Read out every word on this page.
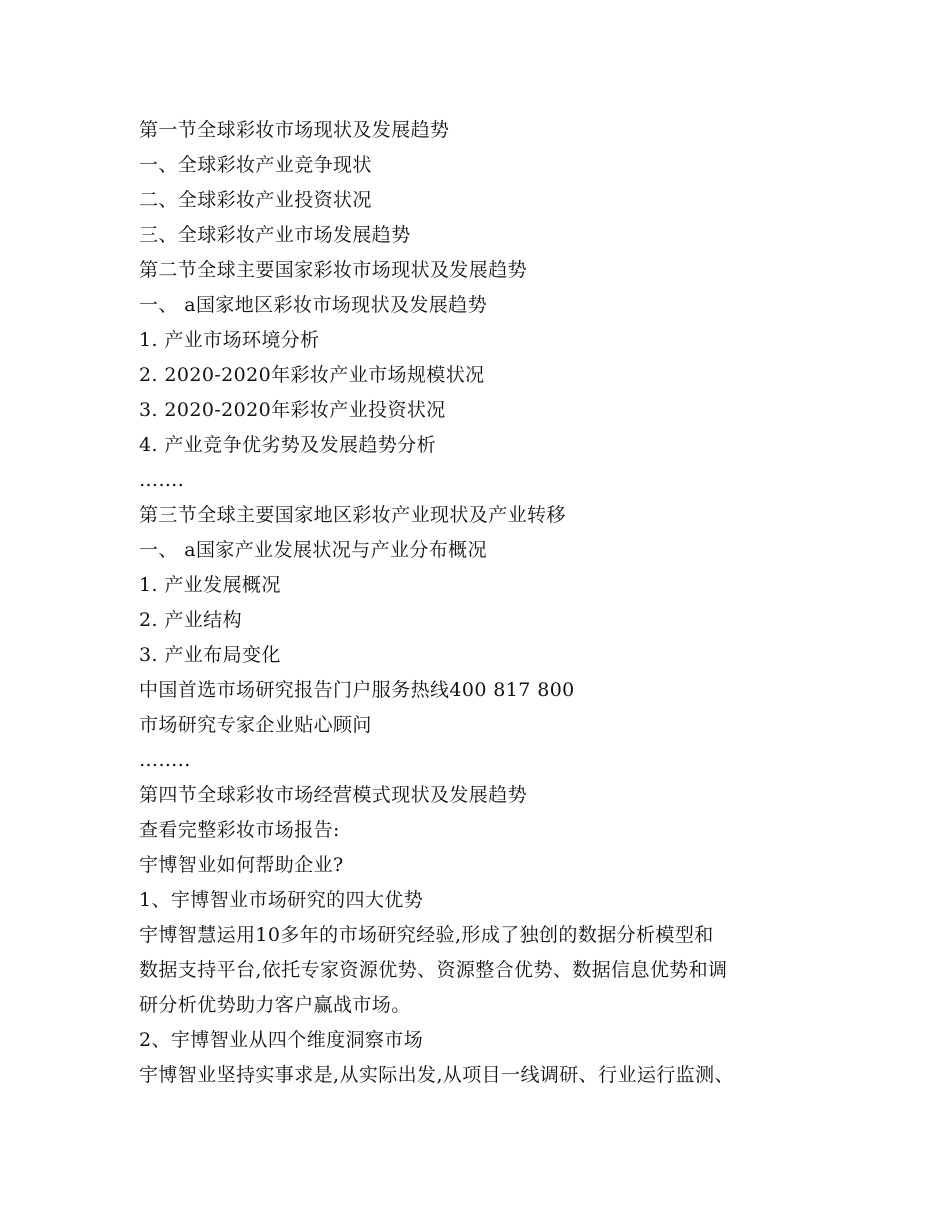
第一节全球彩妆市场现状及发展趋势
一、全球彩妆产业竞争现状
二、全球彩妆产业投资状况
三、全球彩妆产业市场发展趋势
第二节全球主要国家彩妆市场现状及发展趋势
一、 a国家地区彩妆市场现状及发展趋势
1. 产业市场环境分析
2. 2020-2020年彩妆产业市场规模状况
3. 2020-2020年彩妆产业投资状况
4. 产业竞争优劣势及发展趋势分析
…….
第三节全球主要国家地区彩妆产业现状及产业转移
一、 a国家产业发展状况与产业分布概况
1. 产业发展概况
2. 产业结构
3. 产业布局变化
中国首选市场研究报告门户服务热线400 817 800
市场研究专家企业贴心顾问
……..
第四节全球彩妆市场经营模式现状及发展趋势
查看完整彩妆市场报告:
宇博智业如何帮助企业?
1、宇博智业市场研究的四大优势
宇博智慧运用10多年的市场研究经验,形成了独创的数据分析模型和
数据支持平台,依托专家资源优势、资源整合优势、数据信息优势和调
研分析优势助力客户赢战市场。
2、宇博智业从四个维度洞察市场
宇博智业坚持实事求是,从实际出发,从项目一线调研、行业运行监测、
